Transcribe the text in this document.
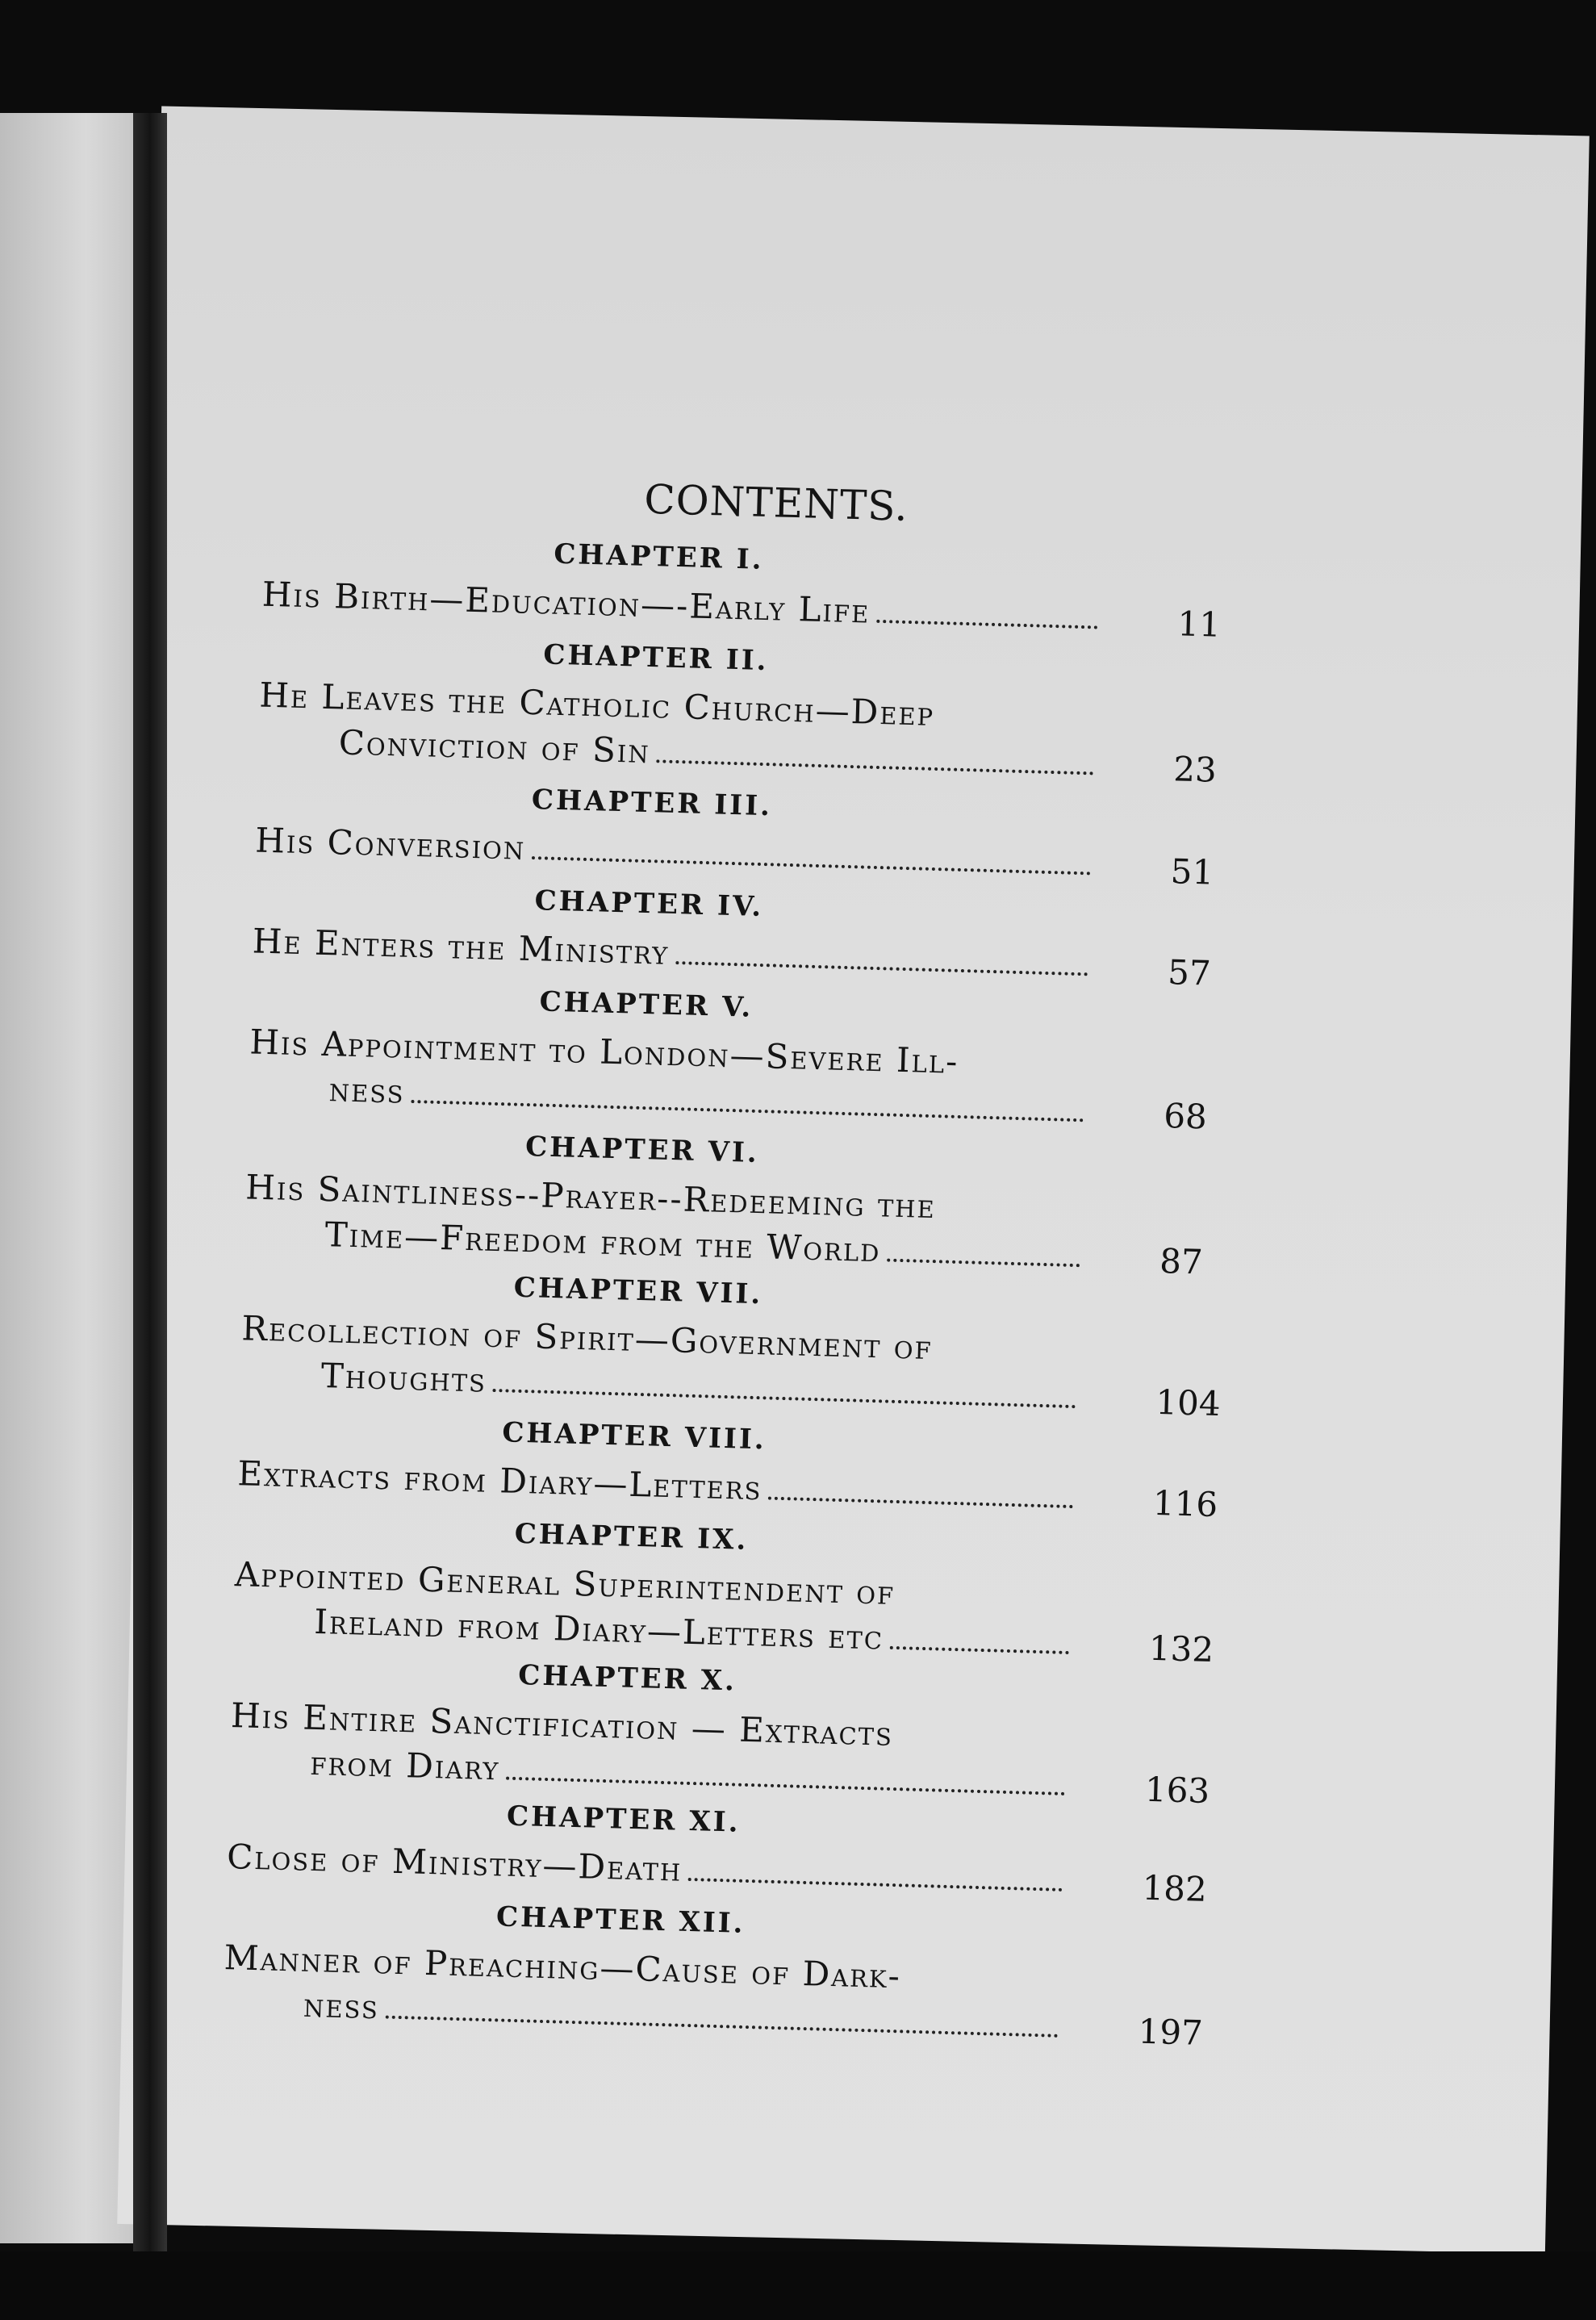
CONTENTS.
CHAPTER I.
His Birth—Education—-Early Life	11
CHAPTER II.
He Leaves the Catholic Church—Deep
Conviction of Sin	23
CHAPTER III.
His Conversion
51
CHAPTER IV.
He Enters the Ministry
57
CHAPTER V.
His Appointment to London—Severe Ill-
ness
68
CHAPTER VI.
His Saintliness--Prayer--Redeeming the
Time—Freedom from the World	87
CHAPTER VII.
Recollection of Spirit—Government of
Thoughts
104
CHAPTER VIII.
Extracts from Diary—Letters	116
CHAPTER IX.
Appointed General Superintendent of
Ireland from Diary—Letters etc	132
CHAPTER X.
His Entire Sanctification — Extracts
from Diary
163
CHAPTER XI.
Close of Ministry—Death	182
CHAPTER XII.
Manner of Preaching—Cause of Dark-
ness
197
